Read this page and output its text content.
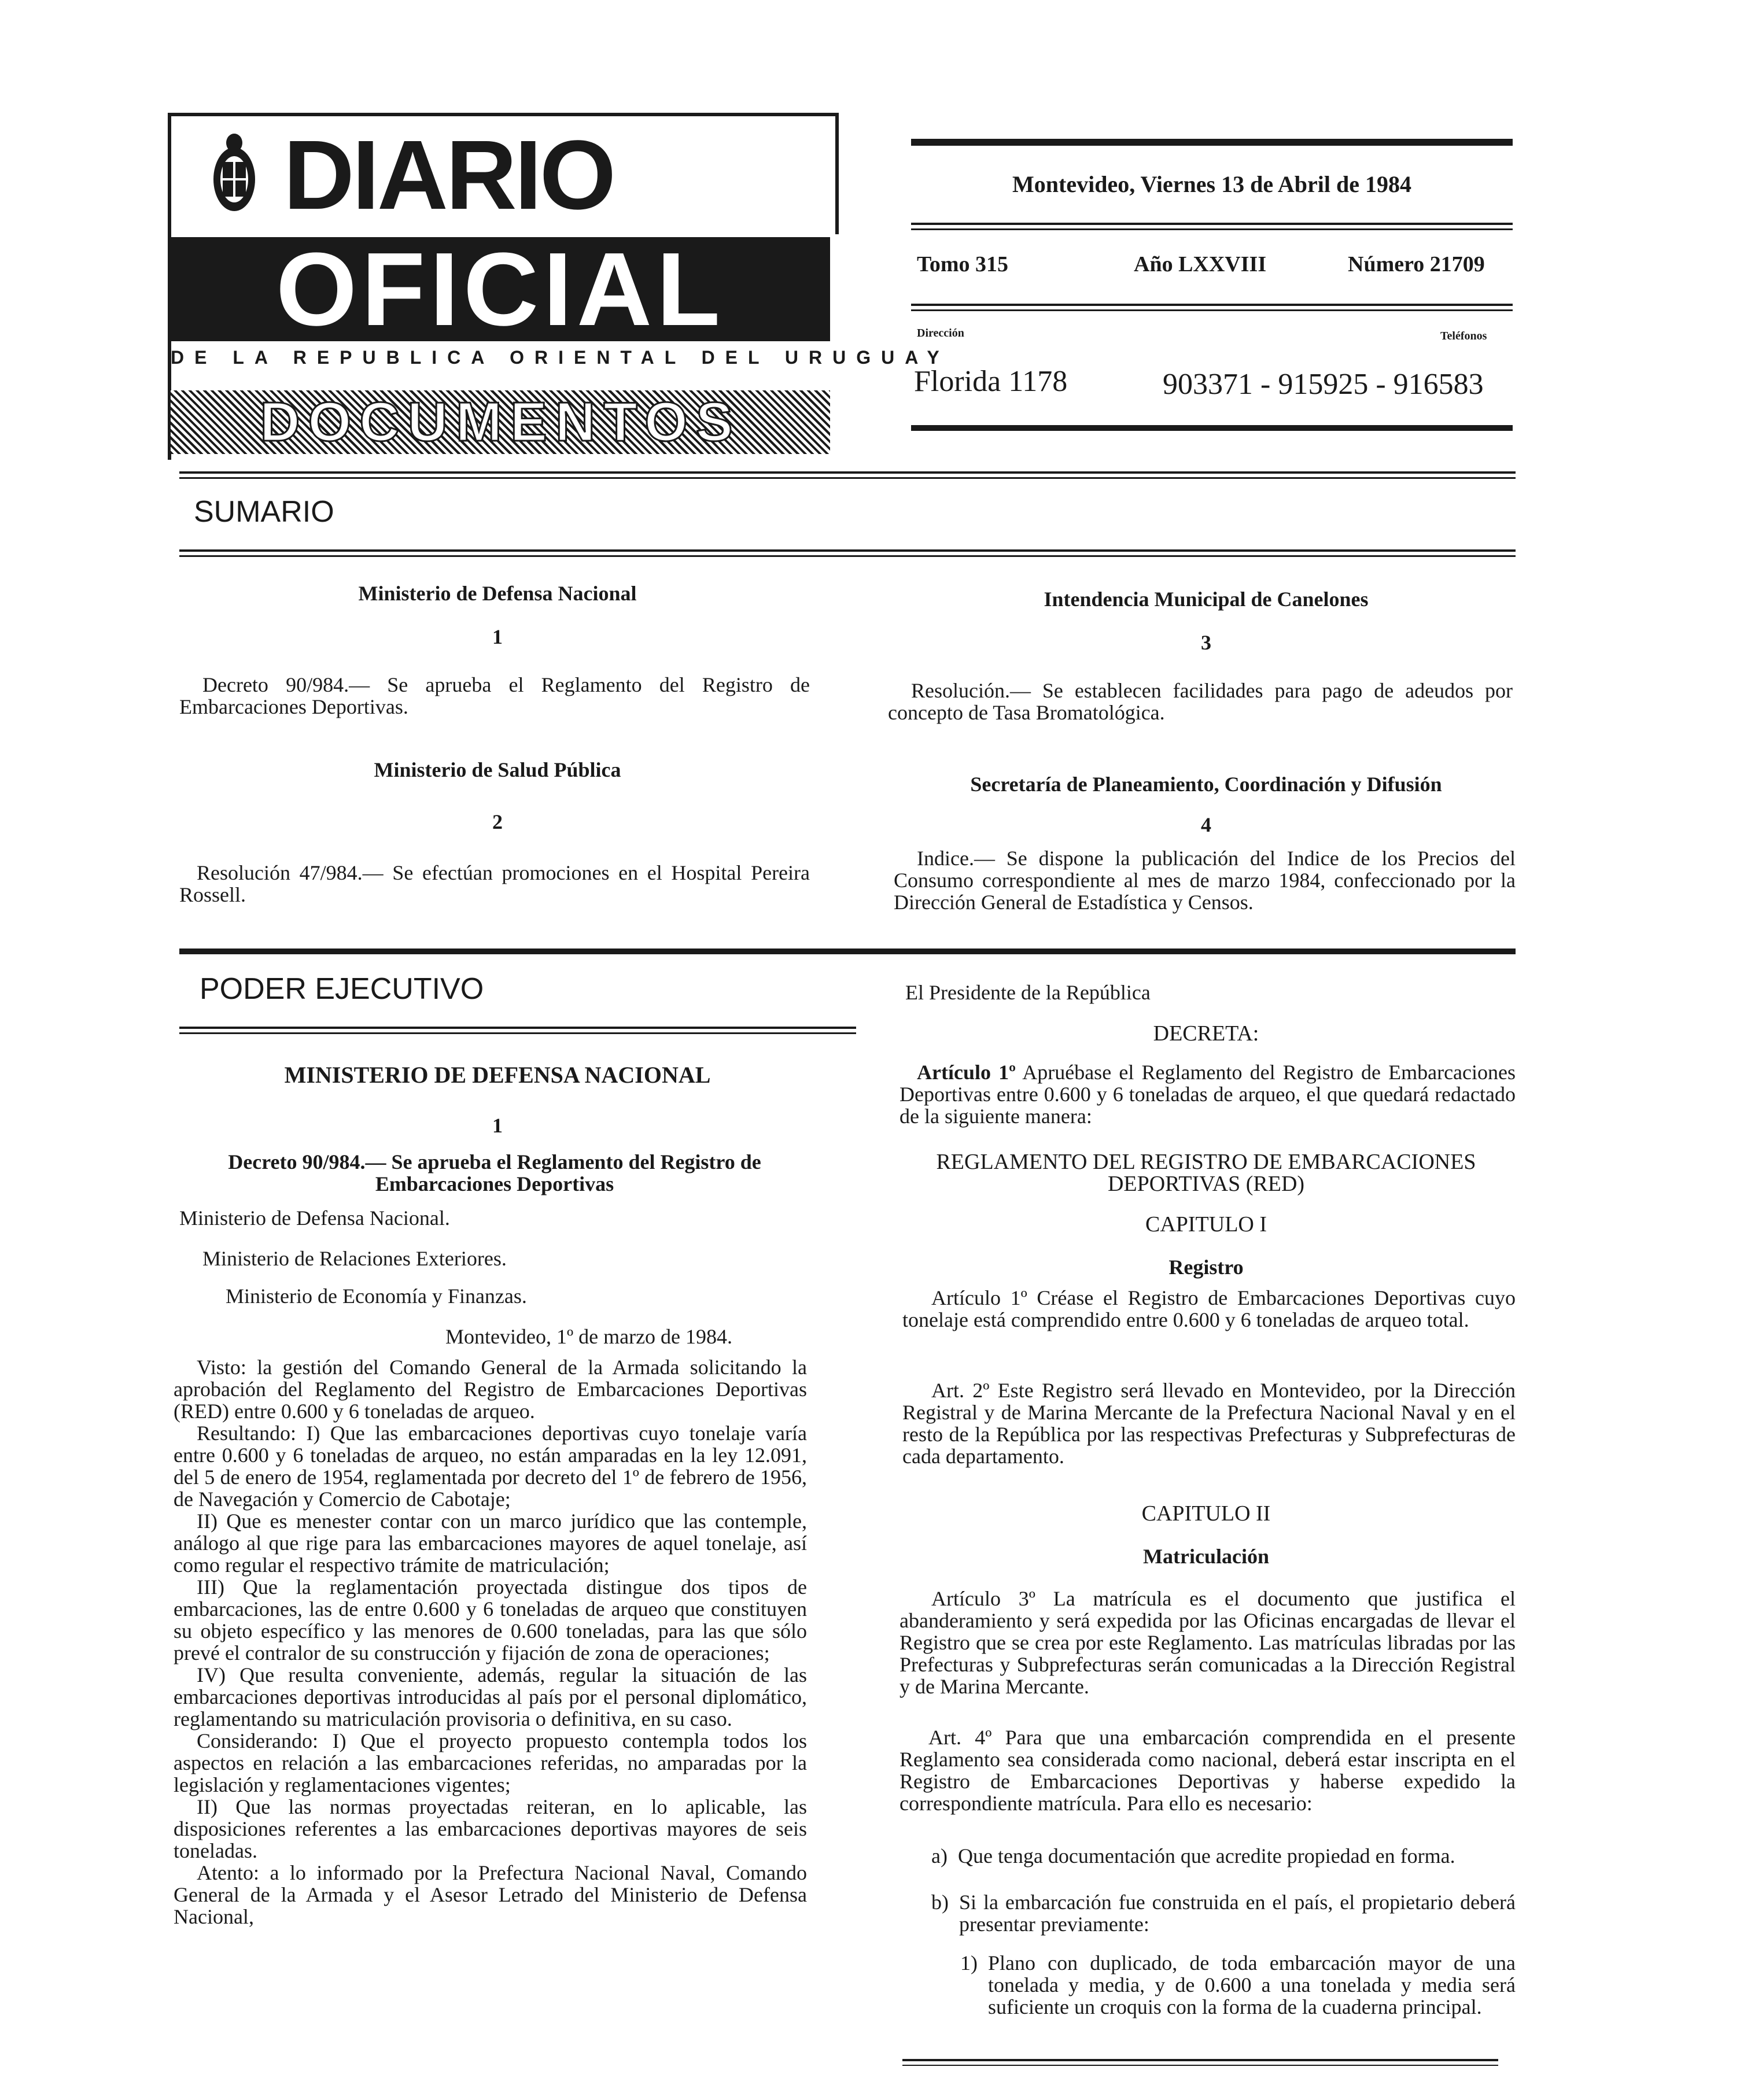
DIARIO
OFICIAL
DE LA REPUBLICA ORIENTAL DEL URUGUAY
DOCUMENTOS
Montevideo, Viernes 13 de Abril de 1984
Tomo 315	Año LXXVIII	Número 21709
Dirección	Teléfonos
Florida 1178	903371 - 915925 - 916583
SUMARIO
Ministerio de Defensa Nacional
1
Decreto 90/984.— Se aprueba el Reglamento del Registro de Embarcaciones Deportivas.
Ministerio de Salud Pública
2
Resolución 47/984.— Se efectúan promociones en el Hospital Pereira Rossell.
Intendencia Municipal de Canelones
3
Resolución.— Se establecen facilidades para pago de adeudos por concepto de Tasa Bromatológica.
Secretaría de Planeamiento, Coordinación y Difusión
4
Indice.— Se dispone la publicación del Indice de los Precios del Consumo correspondiente al mes de marzo 1984, confeccionado por la Dirección General de Estadística y Censos.
PODER EJECUTIVO
MINISTERIO DE DEFENSA NACIONAL
1
Decreto 90/984.— Se aprueba el Reglamento del Registro de Embarcaciones Deportivas
Ministerio de Defensa Nacional.
Ministerio de Relaciones Exteriores.
Ministerio de Economía y Finanzas.
Montevideo, 1º de marzo de 1984.

Visto: la gestión del Comando General de la Armada solicitando la aprobación del Reglamento del Registro de Embarcaciones Deportivas (RED) entre 0.600 y 6 toneladas de arqueo.

Resultando: I) Que las embarcaciones deportivas cuyo tonelaje varía entre 0.600 y 6 toneladas de arqueo, no están amparadas en la ley 12.091, del 5 de enero de 1954, reglamentada por decreto del 1º de febrero de 1956, de Navegación y Comercio de Cabotaje;

II) Que es menester contar con un marco jurídico que las contemple, análogo al que rige para las embarcaciones mayores de aquel tonelaje, así como regular el respectivo trámite de matriculación;

III) Que la reglamentación proyectada distingue dos tipos de embarcaciones, las de entre 0.600 y 6 toneladas de arqueo que constituyen su objeto específico y las menores de 0.600 toneladas, para las que sólo prevé el contralor de su construcción y fijación de zona de operaciones;

IV) Que resulta conveniente, además, regular la situación de las embarcaciones deportivas introducidas al país por el personal diplomático, reglamentando su matriculación provisoria o definitiva, en su caso.

Considerando: I) Que el proyecto propuesto contempla todos los aspectos en relación a las embarcaciones referidas, no amparadas por la legislación y reglamentaciones vigentes;

II) Que las normas proyectadas reiteran, en lo aplicable, las disposiciones referentes a las embarcaciones deportivas mayores de seis toneladas.

Atento: a lo informado por la Prefectura Nacional Naval, Comando General de la Armada y el Asesor Letrado del Ministerio de Defensa Nacional,

El Presidente de la República
DECRETA:
Artículo 1º Apruébase el Reglamento del Registro de Embarcaciones Deportivas entre 0.600 y 6 toneladas de arqueo, el que quedará redactado de la siguiente manera:
REGLAMENTO DEL REGISTRO DE EMBARCACIONES DEPORTIVAS (RED)
CAPITULO I
Registro
Artículo 1º Créase el Registro de Embarcaciones Deportivas cuyo tonelaje está comprendido entre 0.600 y 6 toneladas de arqueo total.
Art. 2º Este Registro será llevado en Montevideo, por la Dirección Registral y de Marina Mercante de la Prefectura Nacional Naval y en el resto de la República por las respectivas Prefecturas y Subprefecturas de cada departamento.
CAPITULO II
Matriculación
Artículo 3º La matrícula es el documento que justifica el abanderamiento y será expedida por las Oficinas encargadas de llevar el Registro que se crea por este Reglamento. Las matrículas libradas por las Prefecturas y Subprefecturas serán comunicadas a la Dirección Registral y de Marina Mercante.
Art. 4º Para que una embarcación comprendida en el presente Reglamento sea considerada como nacional, deberá estar inscripta en el Registro de Embarcaciones Deportivas y haberse expedido la correspondiente matrícula. Para ello es necesario:
a) Que tenga documentación que acredite propiedad en forma.
b) Si la embarcación fue construida en el país, el propietario deberá presentar previamente:
1) Plano con duplicado, de toda embarcación mayor de una tonelada y media, y de 0.600 a una tonelada y media será suficiente un croquis con la forma de la cuaderna principal.
